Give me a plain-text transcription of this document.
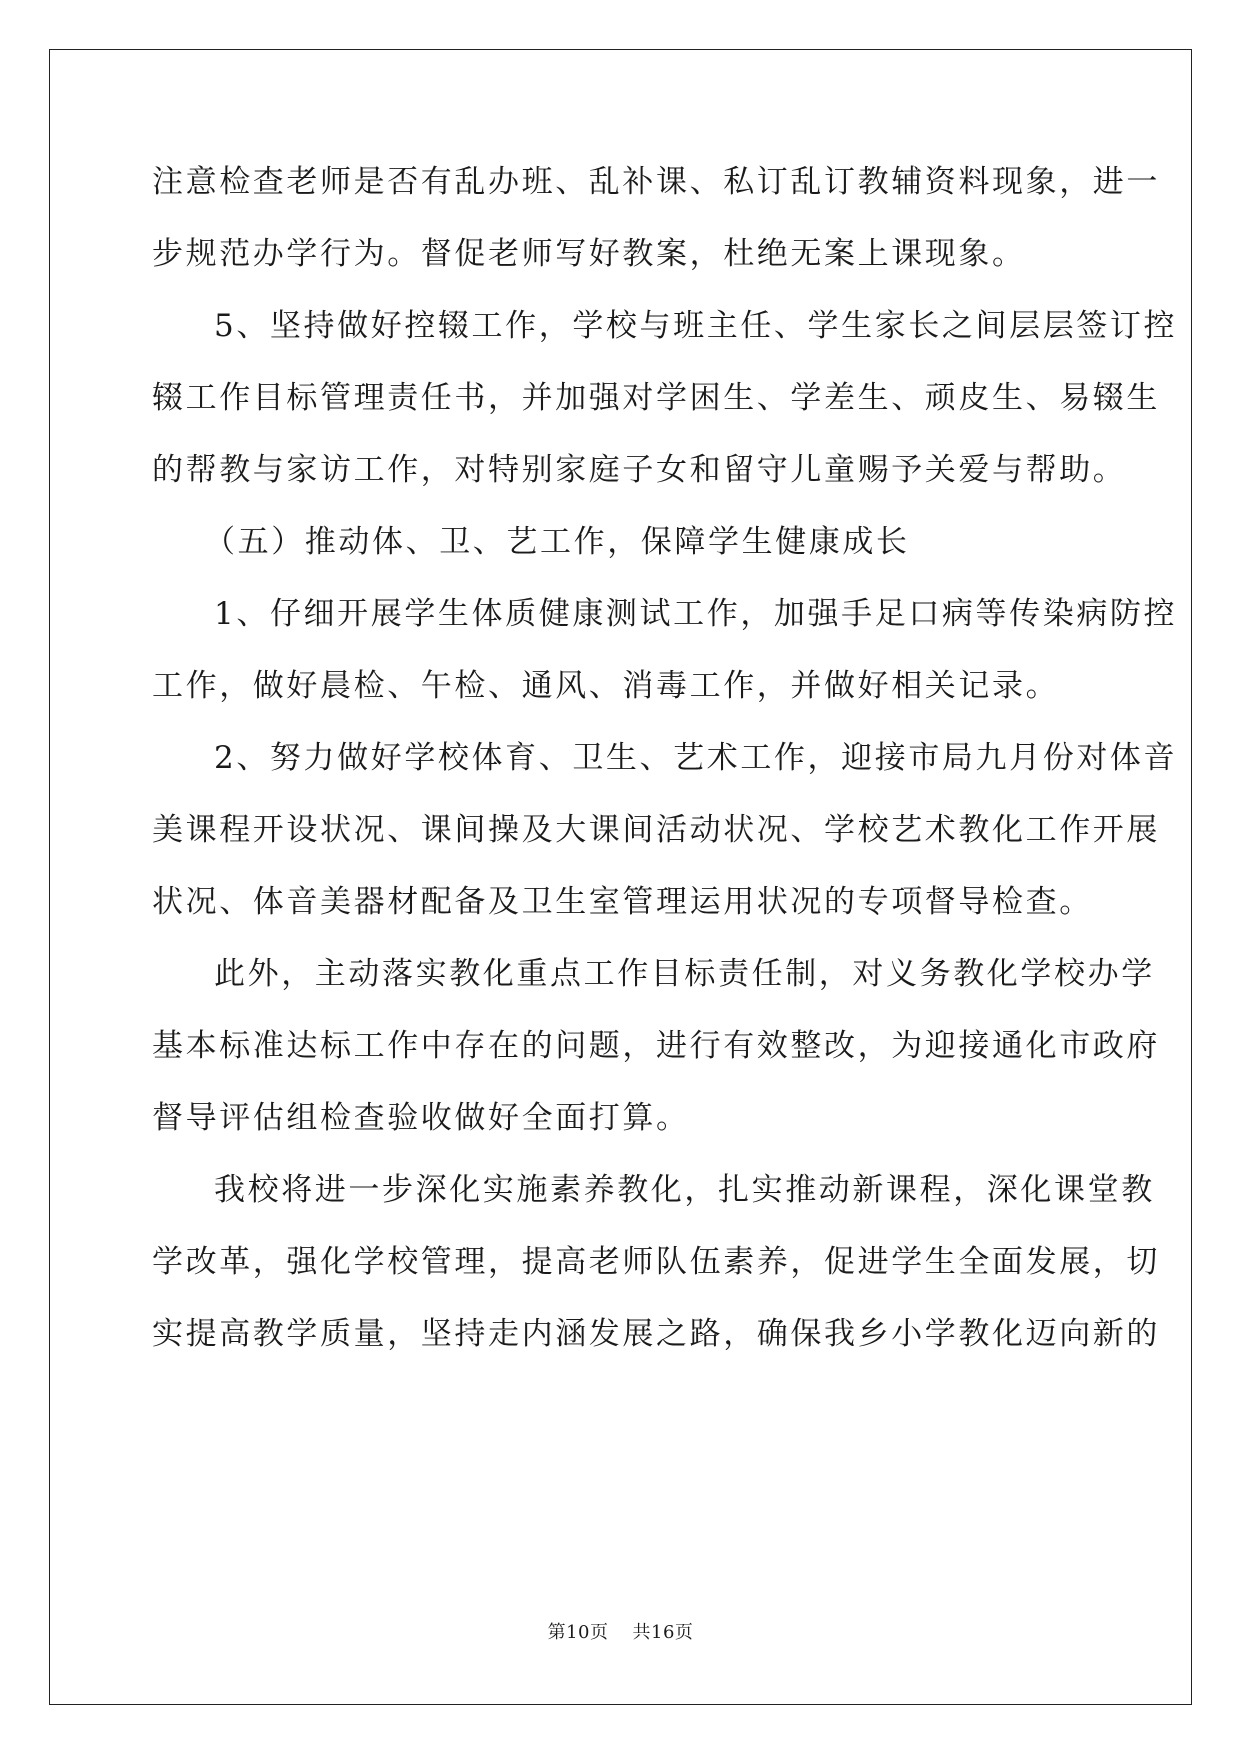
注意检查老师是否有乱办班、乱补课、私订乱订教辅资料现象，进一
步规范办学行为。督促老师写好教案，杜绝无案上课现象。
5、坚持做好控辍工作，学校与班主任、学生家长之间层层签订控
辍工作目标管理责任书，并加强对学困生、学差生、顽皮生、易辍生
的帮教与家访工作，对特别家庭子女和留守儿童赐予关爱与帮助。
（五）推动体、卫、艺工作，保障学生健康成长
1、仔细开展学生体质健康测试工作，加强手足口病等传染病防控
工作，做好晨检、午检、通风、消毒工作，并做好相关记录。
2、努力做好学校体育、卫生、艺术工作，迎接市局九月份对体音
美课程开设状况、课间操及大课间活动状况、学校艺术教化工作开展
状况、体音美器材配备及卫生室管理运用状况的专项督导检查。
此外，主动落实教化重点工作目标责任制，对义务教化学校办学
基本标准达标工作中存在的问题，进行有效整改，为迎接通化市政府
督导评估组检查验收做好全面打算。
我校将进一步深化实施素养教化，扎实推动新课程，深化课堂教
学改革，强化学校管理，提高老师队伍素养，促进学生全面发展，切
实提高教学质量，坚持走内涵发展之路，确保我乡小学教化迈向新的
第10页 共16页
